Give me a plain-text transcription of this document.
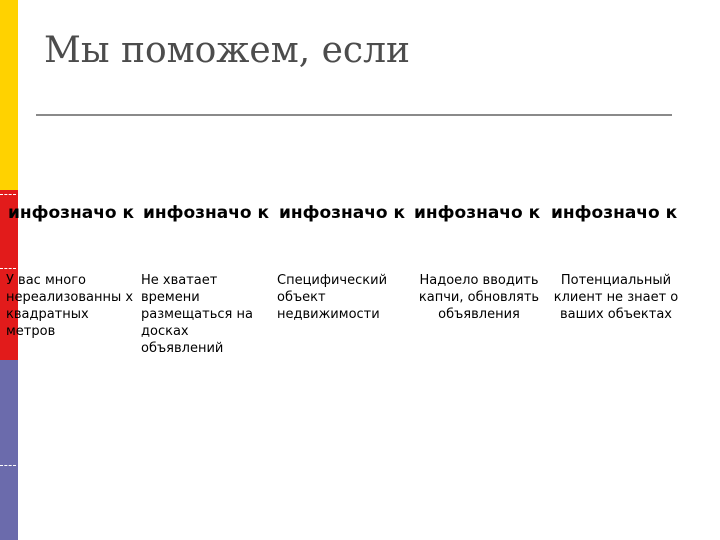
Мы поможем, если

инфозначо к

У вас много нереализованны х квадратных метров

инфозначо к

Не хватает времени размещаться на досках объявлений

инфозначо к

Специфический объект недвижимости

инфозначо к

Надоело вводить капчи, обновлять объявления

инфозначо к

Потенциальный клиент не знает о ваших объектах
